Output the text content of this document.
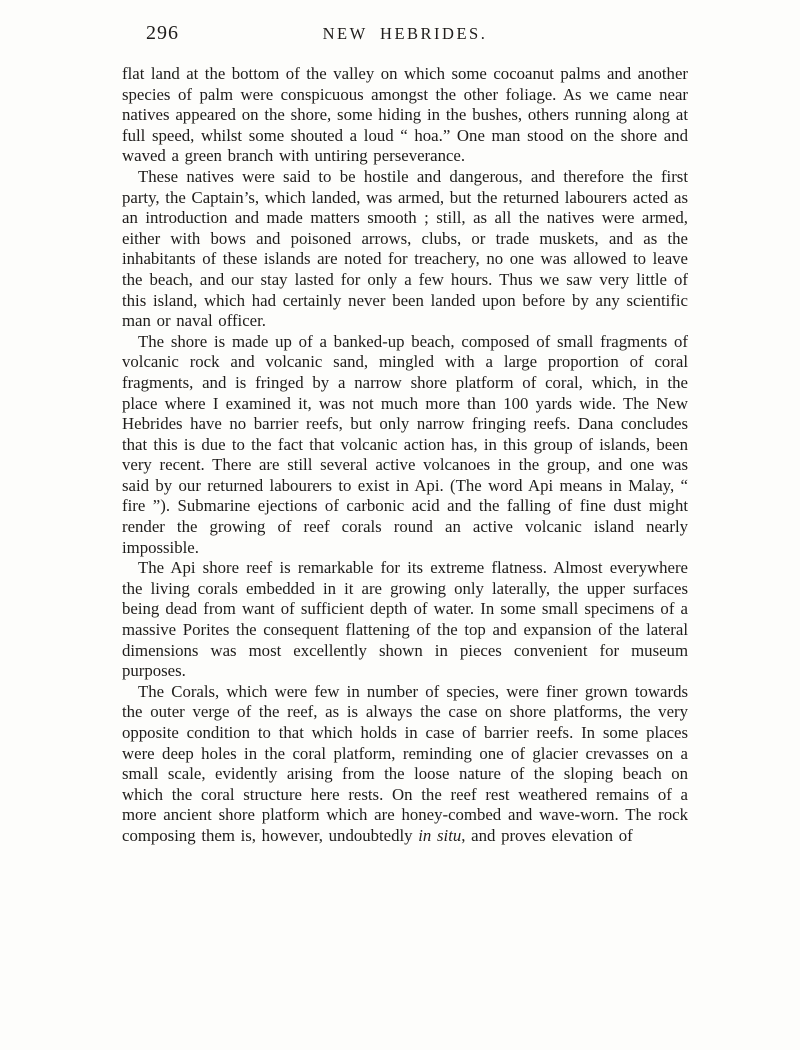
296	NEW HEBRIDES.

flat land at the bottom of the valley on which some cocoanut palms and another species of palm were conspicuous amongst the other foliage. As we came near natives appeared on the shore, some hiding in the bushes, others running along at full speed, whilst some shouted a loud “ hoa.” One man stood on the shore and waved a green branch with untiring perseverance.

These natives were said to be hostile and dangerous, and therefore the first party, the Captain’s, which landed, was armed, but the returned labourers acted as an introduction and made matters smooth ; still, as all the natives were armed, either with bows and poisoned arrows, clubs, or trade muskets, and as the inhabitants of these islands are noted for treachery, no one was allowed to leave the beach, and our stay lasted for only a few hours. Thus we saw very little of this island, which had certainly never been landed upon before by any scientific man or naval officer.

The shore is made up of a banked-up beach, composed of small fragments of volcanic rock and volcanic sand, mingled with a large proportion of coral fragments, and is fringed by a narrow shore platform of coral, which, in the place where I examined it, was not much more than 100 yards wide. The New Hebrides have no barrier reefs, but only narrow fringing reefs. Dana concludes that this is due to the fact that volcanic action has, in this group of islands, been very recent. There are still several active volcanoes in the group, and one was said by our returned labourers to exist in Api. (The word Api means in Malay, “ fire ”). Submarine ejections of carbonic acid and the falling of fine dust might render the growing of reef corals round an active volcanic island nearly impossible.

The Api shore reef is remarkable for its extreme flatness. Almost everywhere the living corals embedded in it are growing only laterally, the upper surfaces being dead from want of sufficient depth of water. In some small specimens of a massive Porites the consequent flattening of the top and expansion of the lateral dimensions was most excellently shown in pieces convenient for museum purposes.

The Corals, which were few in number of species, were finer grown towards the outer verge of the reef, as is always the case on shore platforms, the very opposite condition to that which holds in case of barrier reefs. In some places were deep holes in the coral platform, reminding one of glacier crevasses on a small scale, evidently arising from the loose nature of the sloping beach on which the coral structure here rests. On the reef rest weathered remains of a more ancient shore platform which are honey-combed and wave-worn. The rock composing them is, however, undoubtedly in situ, and proves elevation of
